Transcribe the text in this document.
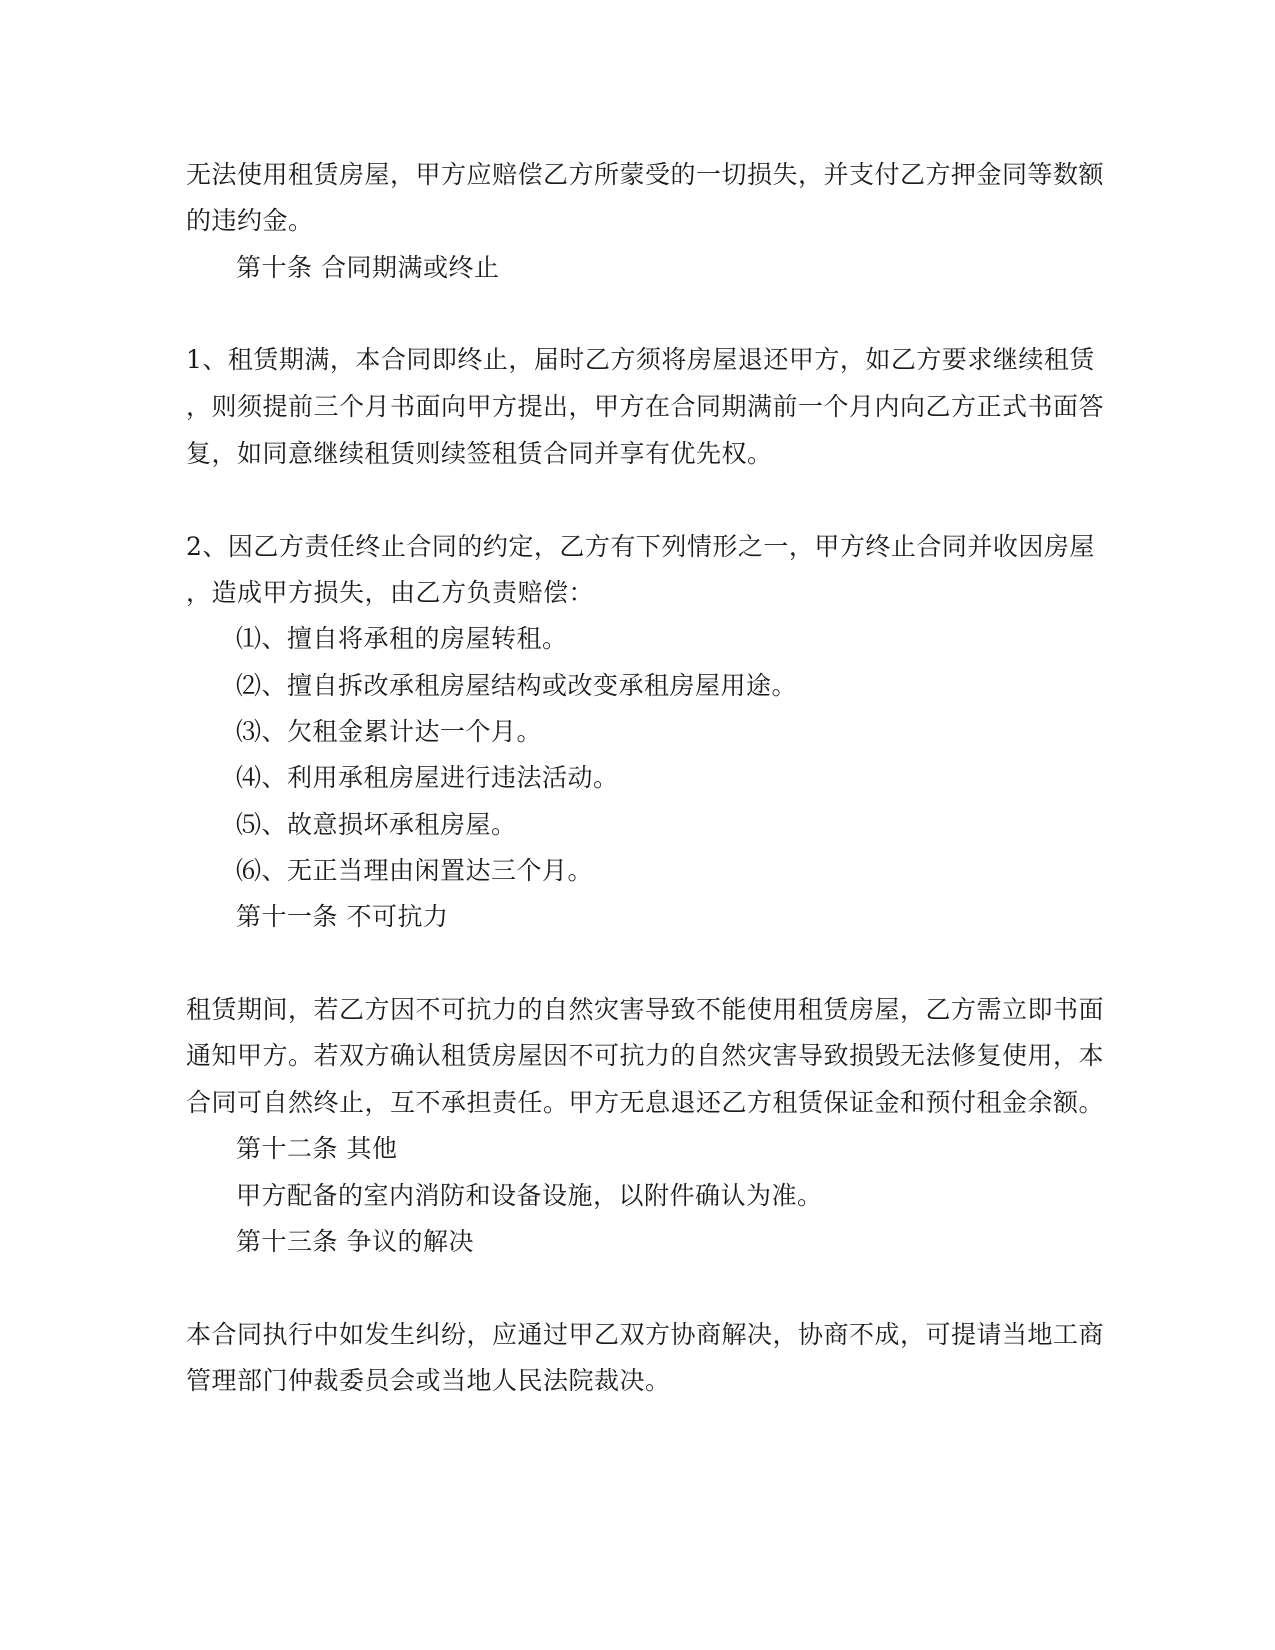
无法使用租赁房屋，甲方应赔偿乙方所蒙受的一切损失，并支付乙方押金同等数额
的违约金。
第十条 合同期满或终止
1、租赁期满，本合同即终止，届时乙方须将房屋退还甲方，如乙方要求继续租赁
，则须提前三个月书面向甲方提出，甲方在合同期满前一个月内向乙方正式书面答
复，如同意继续租赁则续签租赁合同并享有优先权。
2、因乙方责任终止合同的约定，乙方有下列情形之一，甲方终止合同并收因房屋
，造成甲方损失，由乙方负责赔偿：
⑴、擅自将承租的房屋转租。
⑵、擅自拆改承租房屋结构或改变承租房屋用途。
⑶、欠租金累计达一个月。
⑷、利用承租房屋进行违法活动。
⑸、故意损坏承租房屋。
⑹、无正当理由闲置达三个月。
第十一条 不可抗力
租赁期间，若乙方因不可抗力的自然灾害导致不能使用租赁房屋，乙方需立即书面
通知甲方。若双方确认租赁房屋因不可抗力的自然灾害导致损毁无法修复使用，本
合同可自然终止，互不承担责任。甲方无息退还乙方租赁保证金和预付租金余额。
第十二条 其他
甲方配备的室内消防和设备设施，以附件确认为准。
第十三条 争议的解决
本合同执行中如发生纠纷，应通过甲乙双方协商解决，协商不成，可提请当地工商
管理部门仲裁委员会或当地人民法院裁决。
